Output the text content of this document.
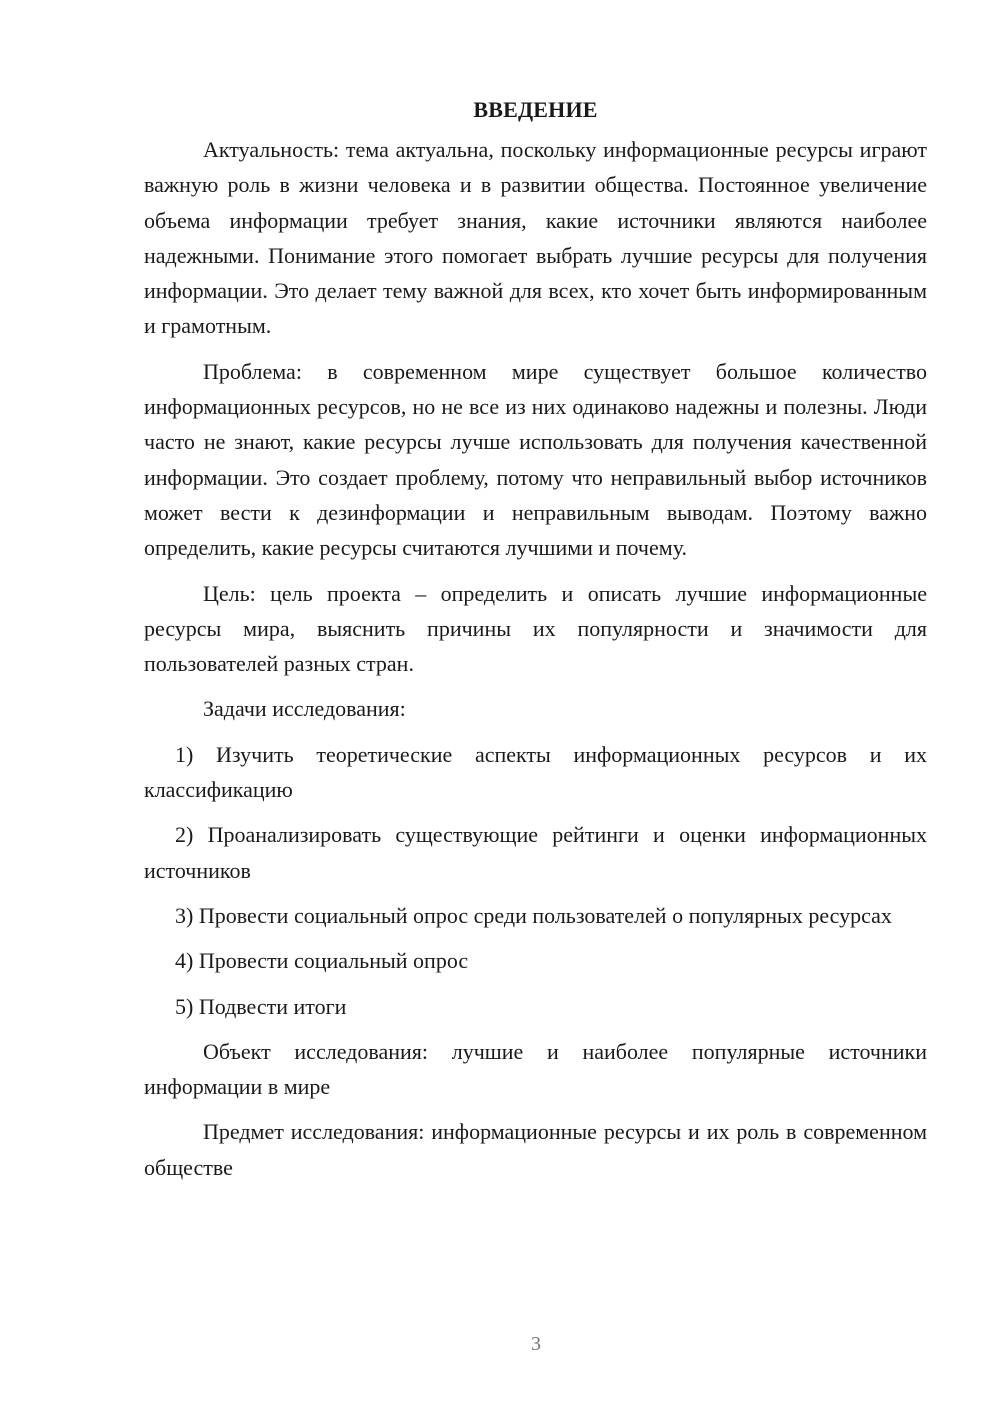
ВВЕДЕНИЕ

Актуальность: тема актуальна, поскольку информационные ресурсы играют важную роль в жизни человека и в развитии общества. Постоянное увеличение объема информации требует знания, какие источники являются наиболее надежными. Понимание этого помогает выбрать лучшие ресурсы для получения информации. Это делает тему важной для всех, кто хочет быть информированным и грамотным.

Проблема: в современном мире существует большое количество информационных ресурсов, но не все из них одинаково надежны и полезны. Люди часто не знают, какие ресурсы лучше использовать для получения качественной информации. Это создает проблему, потому что неправильный выбор источников может вести к дезинформации и неправильным выводам. Поэтому важно определить, какие ресурсы считаются лучшими и почему.

Цель: цель проекта – определить и описать лучшие информационные ресурсы мира, выяснить причины их популярности и значимости для пользователей разных стран.

Задачи исследования:

1) Изучить теоретические аспекты информационных ресурсов и их классификацию

2) Проанализировать существующие рейтинги и оценки информационных источников

3) Провести социальный опрос среди пользователей о популярных ресурсах

4) Провести социальный опрос

5) Подвести итоги

Объект исследования: лучшие и наиболее популярные источники информации в мире

Предмет исследования: информационные ресурсы и их роль в современном обществе

3
